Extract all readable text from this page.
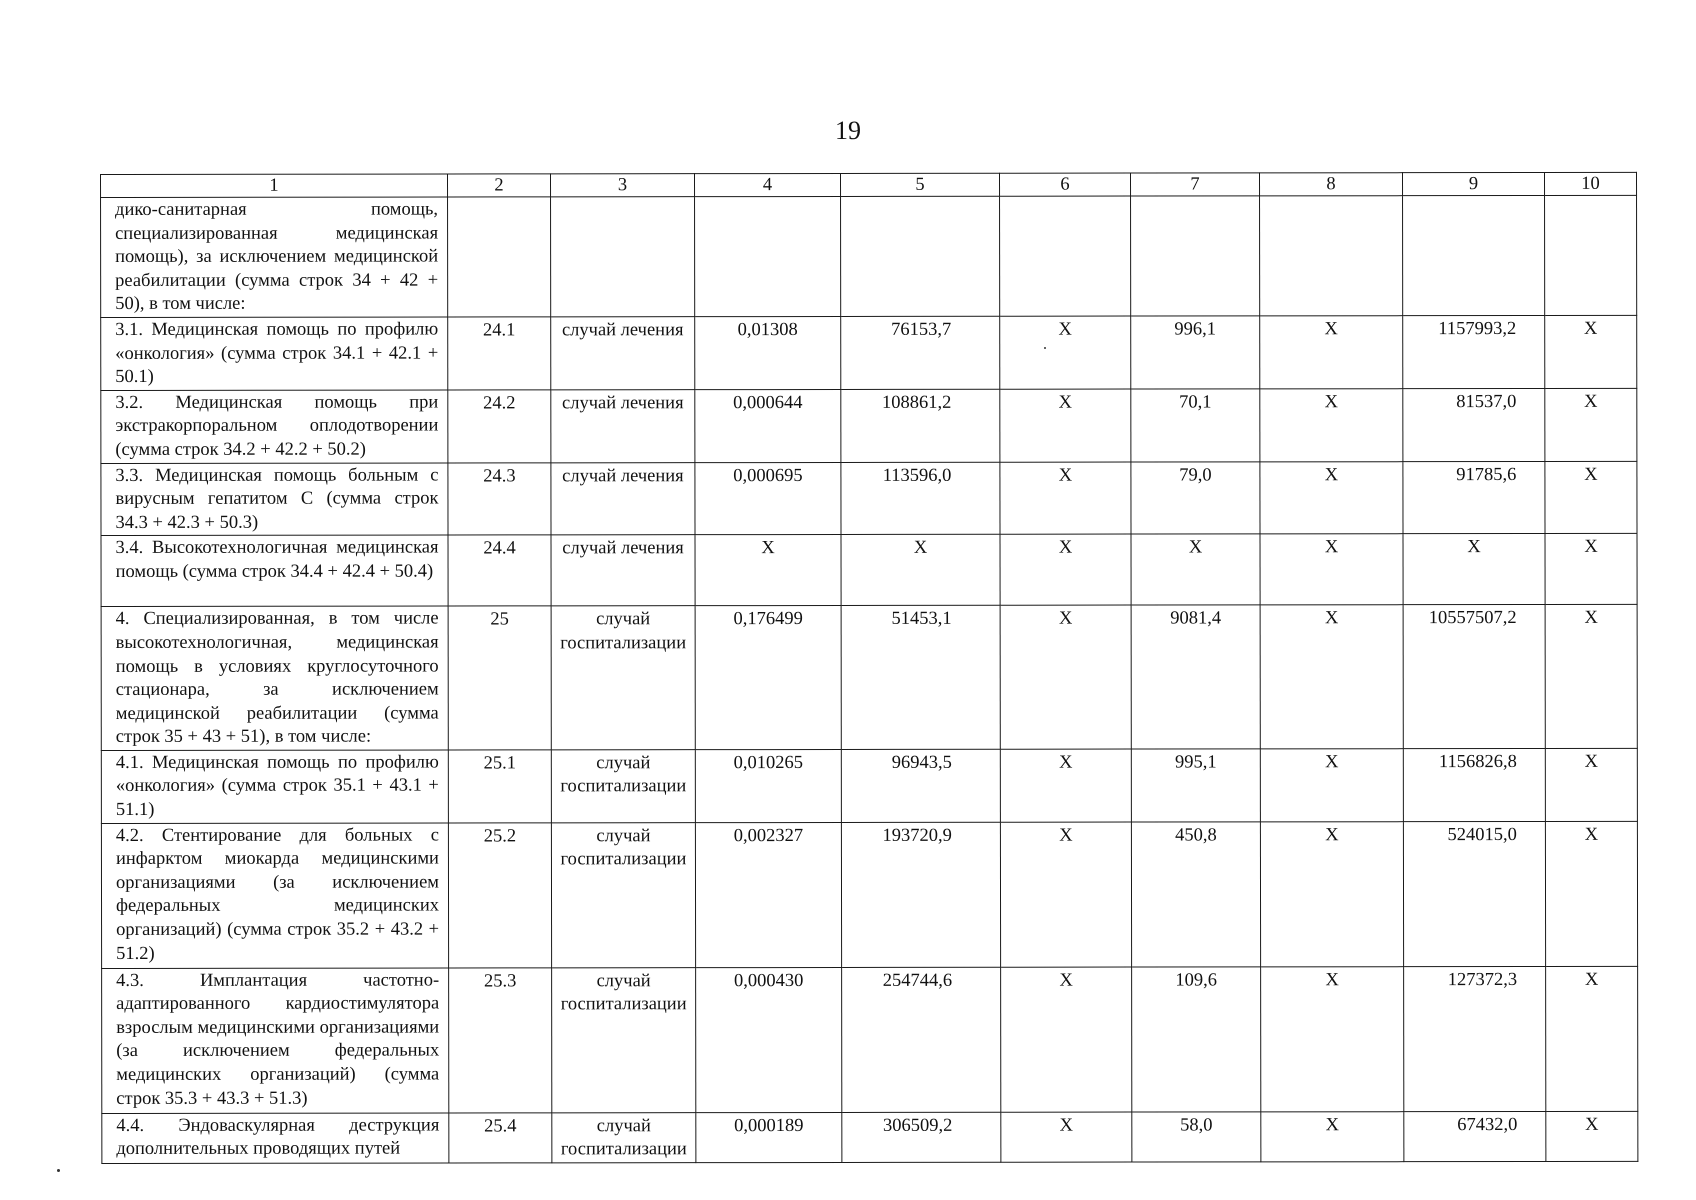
19
1	2	3	4	5	6	7	8	9	10
дико-санитарная помощь, специализированная медицинская помощь), за исключением медицинской реабилитации (сумма строк 34 + 42 + 50), в том числе:									
3.1. Медицинская помощь по профилю «онкология» (сумма строк 34.1 + 42.1 + 50.1)	24.1	случай лечения	0,01308	76153,7	X	996,1	X	1157993,2	X
3.2. Медицинская помощь при экстракорпоральном оплодотворении (сумма строк 34.2 + 42.2 + 50.2)	24.2	случай лечения	0,000644	108861,2	X	70,1	X	81537,0	X
3.3. Медицинская помощь больным с вирусным гепатитом С (сумма строк 34.3 + 42.3 + 50.3)	24.3	случай лечения	0,000695	113596,0	X	79,0	X	91785,6	X
3.4. Высокотехнологичная медицинская помощь (сумма строк 34.4 + 42.4 + 50.4)	24.4	случай лечения	X	X	X	X	X	X	X
4. Специализированная, в том числе высокотехнологичная, медицинская помощь в условиях круглосуточного стационара, за исключением медицинской реабилитации (сумма строк 35 + 43 + 51), в том числе:	25	случай госпитализации	0,176499	51453,1	X	9081,4	X	10557507,2	X
4.1. Медицинская помощь по профилю «онкология» (сумма строк 35.1 + 43.1 + 51.1)	25.1	случай госпитализации	0,010265	96943,5	X	995,1	X	1156826,8	X
4.2. Стентирование для больных с инфарктом миокарда медицинскими организациями (за исключением федеральных медицинских организаций) (сумма строк 35.2 + 43.2 + 51.2)	25.2	случай госпитализации	0,002327	193720,9	X	450,8	X	524015,0	X
4.3. Имплантация частотно-адаптированного кардиостимулятора взрослым медицинскими организациями (за исключением федеральных медицинских организаций) (сумма строк 35.3 + 43.3 + 51.3)	25.3	случай госпитализации	0,000430	254744,6	X	109,6	X	127372,3	X
4.4. Эндоваскулярная деструкция дополнительных проводящих путей	25.4	случай госпитализации	0,000189	306509,2	X	58,0	X	67432,0	X
